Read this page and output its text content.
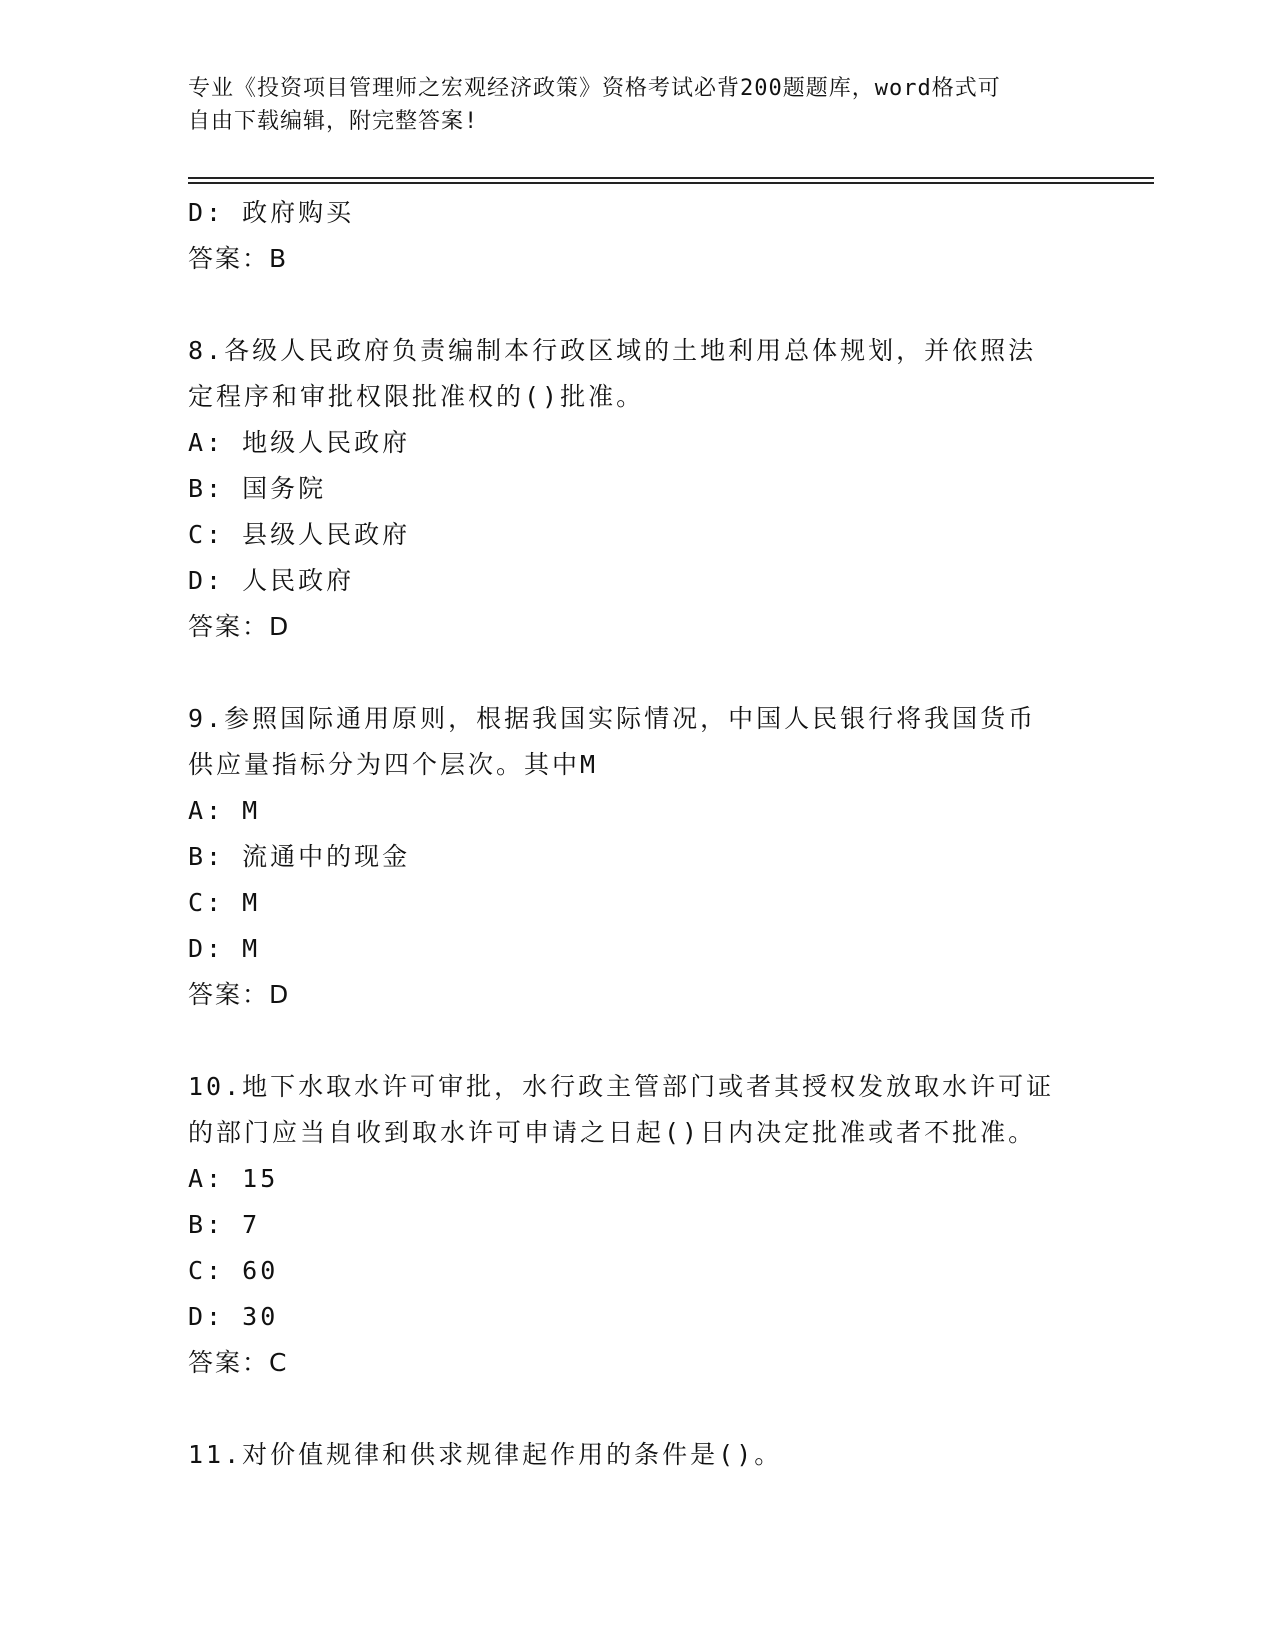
专业《投资项目管理师之宏观经济政策》资格考试必背200题题库，word格式可
自由下载编辑，附完整答案!
D: 政府购买
答案：B
8.各级人民政府负责编制本行政区域的土地利用总体规划，并依照法
定程序和审批权限批准权的()批准。
A: 地级人民政府
B: 国务院
C: 县级人民政府
D: 人民政府
答案：D
9.参照国际通用原则，根据我国实际情况，中国人民银行将我国货币
供应量指标分为四个层次。其中M
A: M
B: 流通中的现金
C: M
D: M
答案：D
10.地下水取水许可审批，水行政主管部门或者其授权发放取水许可证
的部门应当自收到取水许可申请之日起()日内决定批准或者不批准。
A: 15
B: 7
C: 60
D: 30
答案：C
11.对价值规律和供求规律起作用的条件是()。
